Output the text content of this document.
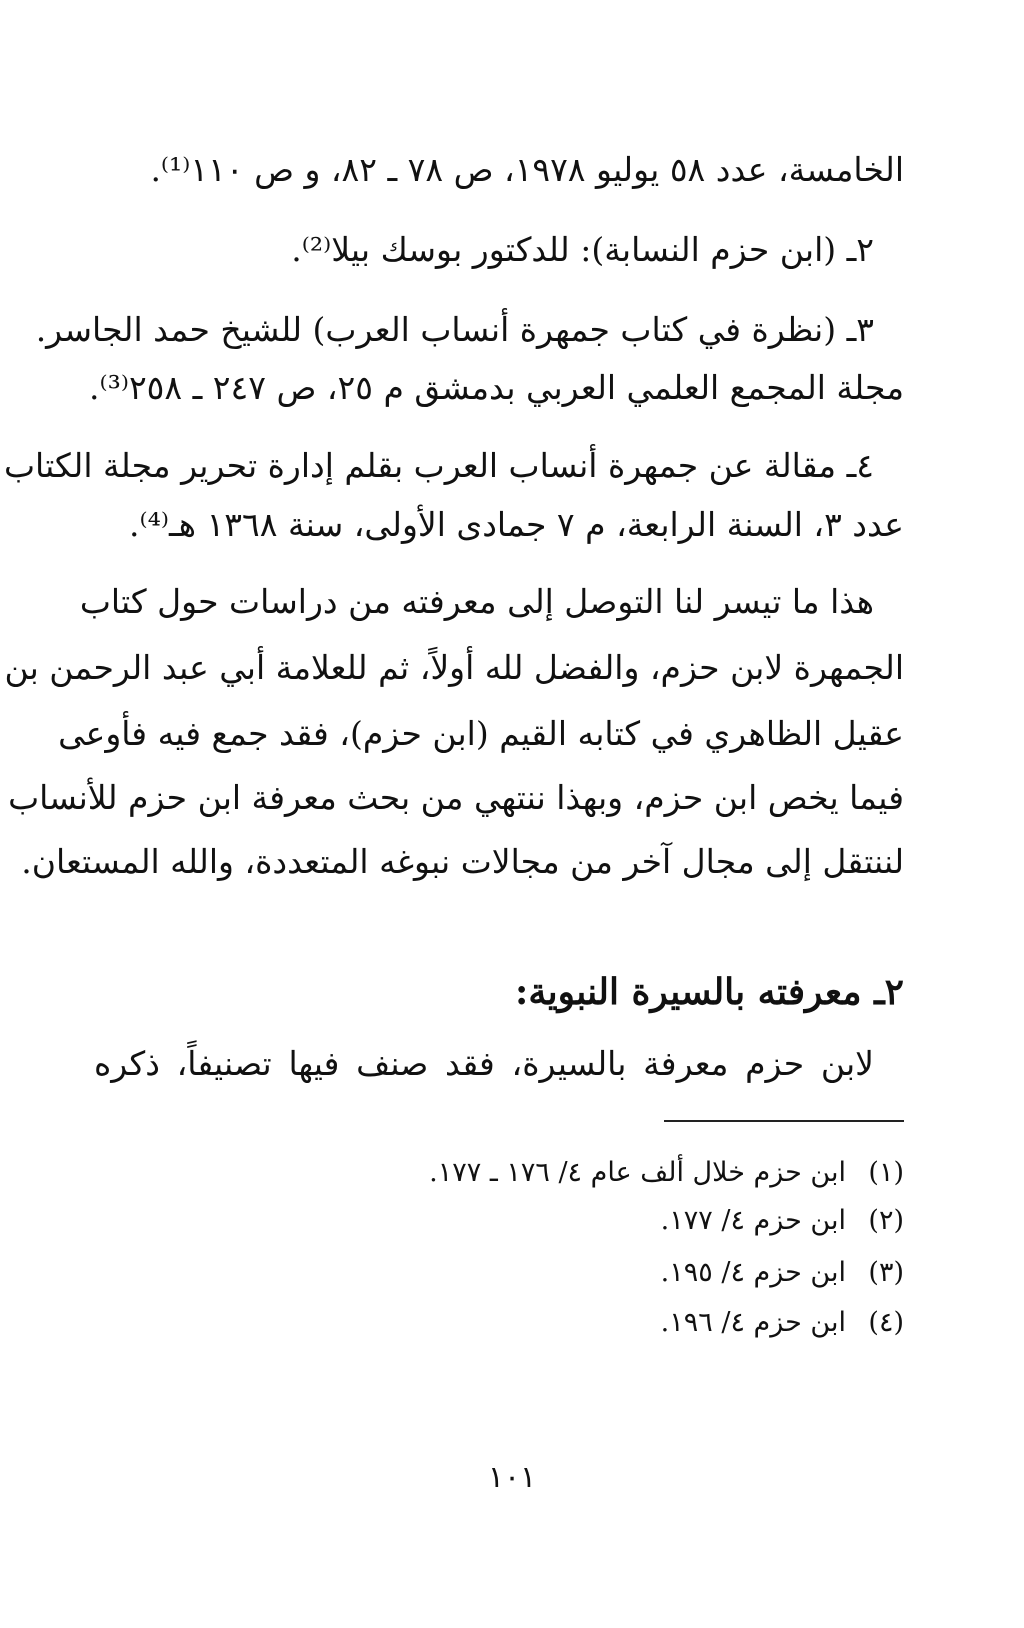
الخامسة، عدد ٥٨ يوليو ١٩٧٨، ص ٧٨ ـ ٨٢، و ص ١١٠⁽¹⁾.
٢ـ (ابن حزم النسابة): للدكتور بوسك بيلا⁽²⁾.
٣ـ (نظرة في كتاب جمهرة أنساب العرب) للشيخ حمد الجاسر.
مجلة المجمع العلمي العربي بدمشق م ٢٥، ص ٢٤٧ ـ ٢٥٨⁽³⁾.
٤ـ مقالة عن جمهرة أنساب العرب بقلم إدارة تحرير مجلة الكتاب
عدد ٣، السنة الرابعة، م ٧ جمادى الأولى، سنة ١٣٦٨ هـ⁽⁴⁾.
هذا ما تيسر لنا التوصل إلى معرفته من دراسات حول كتاب
الجمهرة لابن حزم، والفضل لله أولاً، ثم للعلامة أبي عبد الرحمن بن
عقيل الظاهري في كتابه القيم (ابن حزم)، فقد جمع فيه فأوعى
فيما يخص ابن حزم، وبهذا ننتهي من بحث معرفة ابن حزم للأنساب
لننتقل إلى مجال آخر من مجالات نبوغه المتعددة، والله المستعان.
٢ـ معرفته بالسيرة النبوية:
لابن حزم معرفة بالسيرة، فقد صنف فيها تصنيفاً، ذكره
(١)ابن حزم خلال ألف عام ٤/ ١٧٦ ـ ١٧٧.
(٢)ابن حزم ٤/ ١٧٧.
(٣)ابن حزم ٤/ ١٩٥.
(٤)ابن حزم ٤/ ١٩٦.
١٠١
